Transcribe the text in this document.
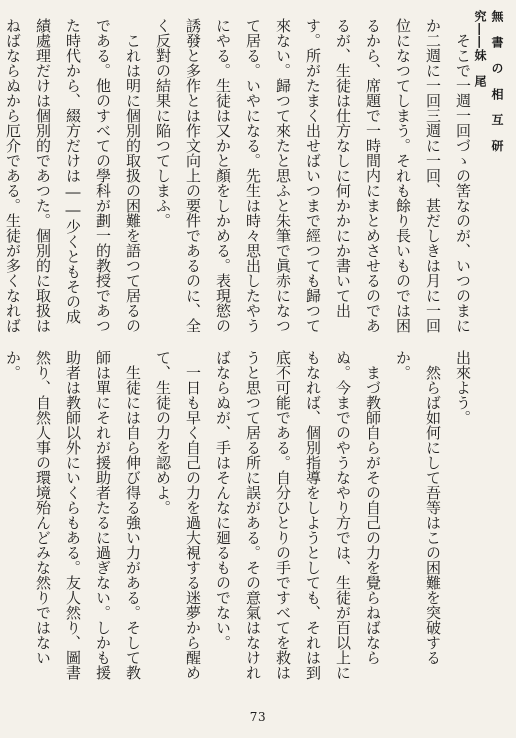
無　書　の　相　互　研　究――妹　尾

そこで一週一回づゝの筈なのが、いつのまにか二週に一回三週に一回、甚だしきは月に一回位になつてしまう。それも餘り長いものでは困るから、席題で一時間内にまとめさせるのであるが、生徒は仕方なしに何かかにか書いて出す。所がたまく出せばいつまで經つても歸つて來ない。歸つて來たと思ふと朱筆で眞赤になつて居る。いやになる。先生は時々思出したやうにやる。生徒は又かと顏をしかめる。表現慾の誘發と多作とは作文向上の要件であるのに、全く反對の結果に陥つてしまふ。

これは明に個別的取扱の困難を語つて居るのである。他のすべての學科が劃一的教授であつた時代から、綴方だけは――少くともその成績處理だけは個別的であつた。個別的に取扱はねばならぬから厄介である。生徒が多くなれば

出來よう。

然らば如何にして吾等はこの困難を突破するか。

まづ教師自らがその自己の力を覺らねばならぬ。今までのやうなやり方では、生徒が百以上にもなれば、個別指導をしようとしても、それは到底不可能である。自分ひとりの手ですべてを救はうと思つて居る所に誤がある。その意氣はなければならぬが、手はそんなに廻るものでない。

一日も早く自己の力を過大視する迷夢から醒めて、生徒の力を認めよ。

生徒には自ら伸び得る強い力がある。そして教師は單にそれが援助者たるに過ぎない。しかも援助者は教師以外にいくらもある。友人然り、圖書然り、自然人事の環境殆んどみな然りではないか。

73
